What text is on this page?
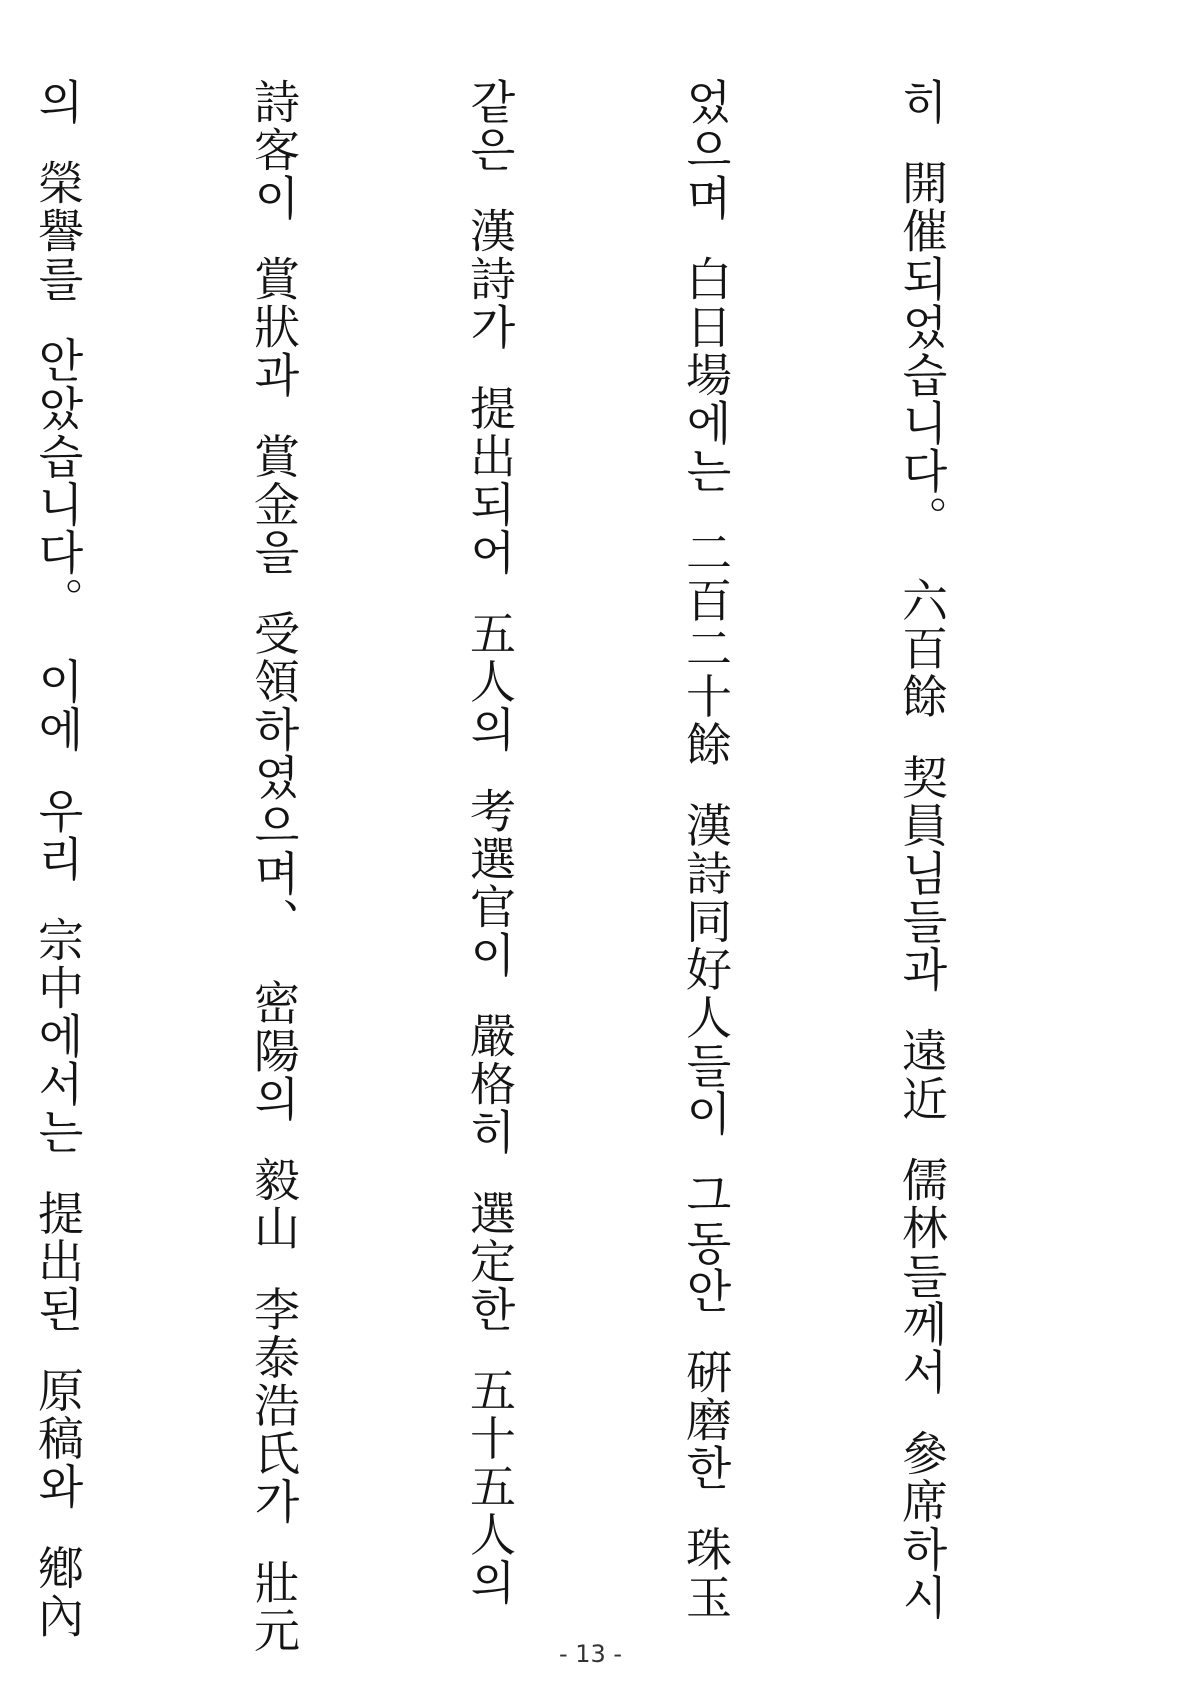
히  開催되었습니다。  六百餘  契員님들과  遠近  儒林들께서  參席하시

었으며  白日場에는  二百二十餘  漢詩同好人들이  그동안  硏磨한  珠玉

같은  漢詩가  提出되어  五人의  考選官이  嚴格히  選定한  五十五人의

詩客이  賞狀과  賞金을  受領하였으며、  密陽의  毅山  李泰浩氏가  壯元

의  榮譽를  안았습니다。  이에  우리  宗中에서는  提出된  原稿와  鄕內

- 13 -
